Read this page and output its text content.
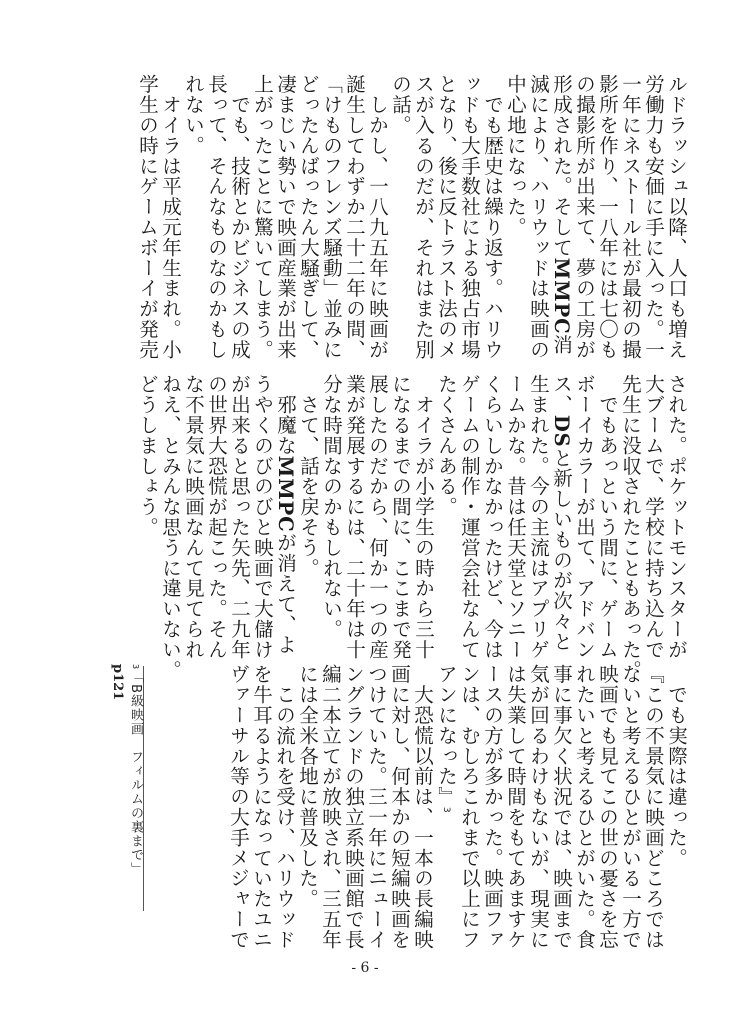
ルドラッシュ以降、人口も増え
労働力も安価に手に入った。一
一年にネストール社が最初の撮
影所を作り、一八年には七〇も
の撮影所が出来て、夢の工房が
形成された。そしてMMPC消
滅により、ハリウッドは映画の
中心地になった。
　でも歴史は繰り返す。ハリウ
ッドも大手数社による独占市場
となり、後に反トラスト法のメ
スが入るのだが、それはまた別
の話。
　しかし、一八九五年に映画が
誕生してわずか二十二年の間、
「けものフレンズ騒動」並みに
どったんばったん大騒ぎして、
凄まじい勢いで映画産業が出来
上がったことに驚いてしまう。
　でも、技術とかビジネスの成
長って、そんなものなのかもし
れない。
　オイラは平成元年生まれ。小
学生の時にゲームボーイが発売
された。ポケットモンスターが
大ブームで、学校に持ち込んで
先生に没収されたこともあった。
　でもあっという間に、ゲーム
ボーイカラーが出て、アドバン
ス、DSと新しいものが次々と
生まれた。今の主流はアプリゲ
ームかな。昔は任天堂とソニー
くらいしかなかったけど、今は
ゲームの制作・運営会社なんて
たくさんある。
　オイラが小学生の時から三十
になるまでの間に、ここまで発
展したのだから、何か一つの産
業が発展するには、二十年は十
分な時間なのかもしれない。
　さて、話を戻そう。
　邪魔なMMPCが消えて、よ
うやくのびのびと映画で大儲け
が出来ると思った矢先、二九年
の世界大恐慌が起こった。そん
な不景気に映画なんて見てられ
ねえ、とみんな思うに違いない。
どうしましょう。
　でも実際は違った。
『この不景気に映画どころでは
ないと考えるひとがいる一方で
映画でも見てこの世の憂さを忘
れたいと考えるひとがいた。食
事に事欠く状況では、映画まで
気が回るわけもないが、現実に
は失業して時間をもてあますケ
ースの方が多かった。映画ファ
ンは、むしろこれまで以上にフ
アンになった』3
　大恐慌以前は、一本の長編映
画に対し、何本かの短編映画を
つけていた。三一年にニューイ
ングランドの独立系映画館で長
編二本立てが放映され、三五年
には全米各地に普及した。
　この流れを受け、ハリウッド
を牛耳るようになっていたユニ
ヴァーサル等の大手メジャーで
3「B級映画　フィルムの裏まで」
p121
- 6 -
